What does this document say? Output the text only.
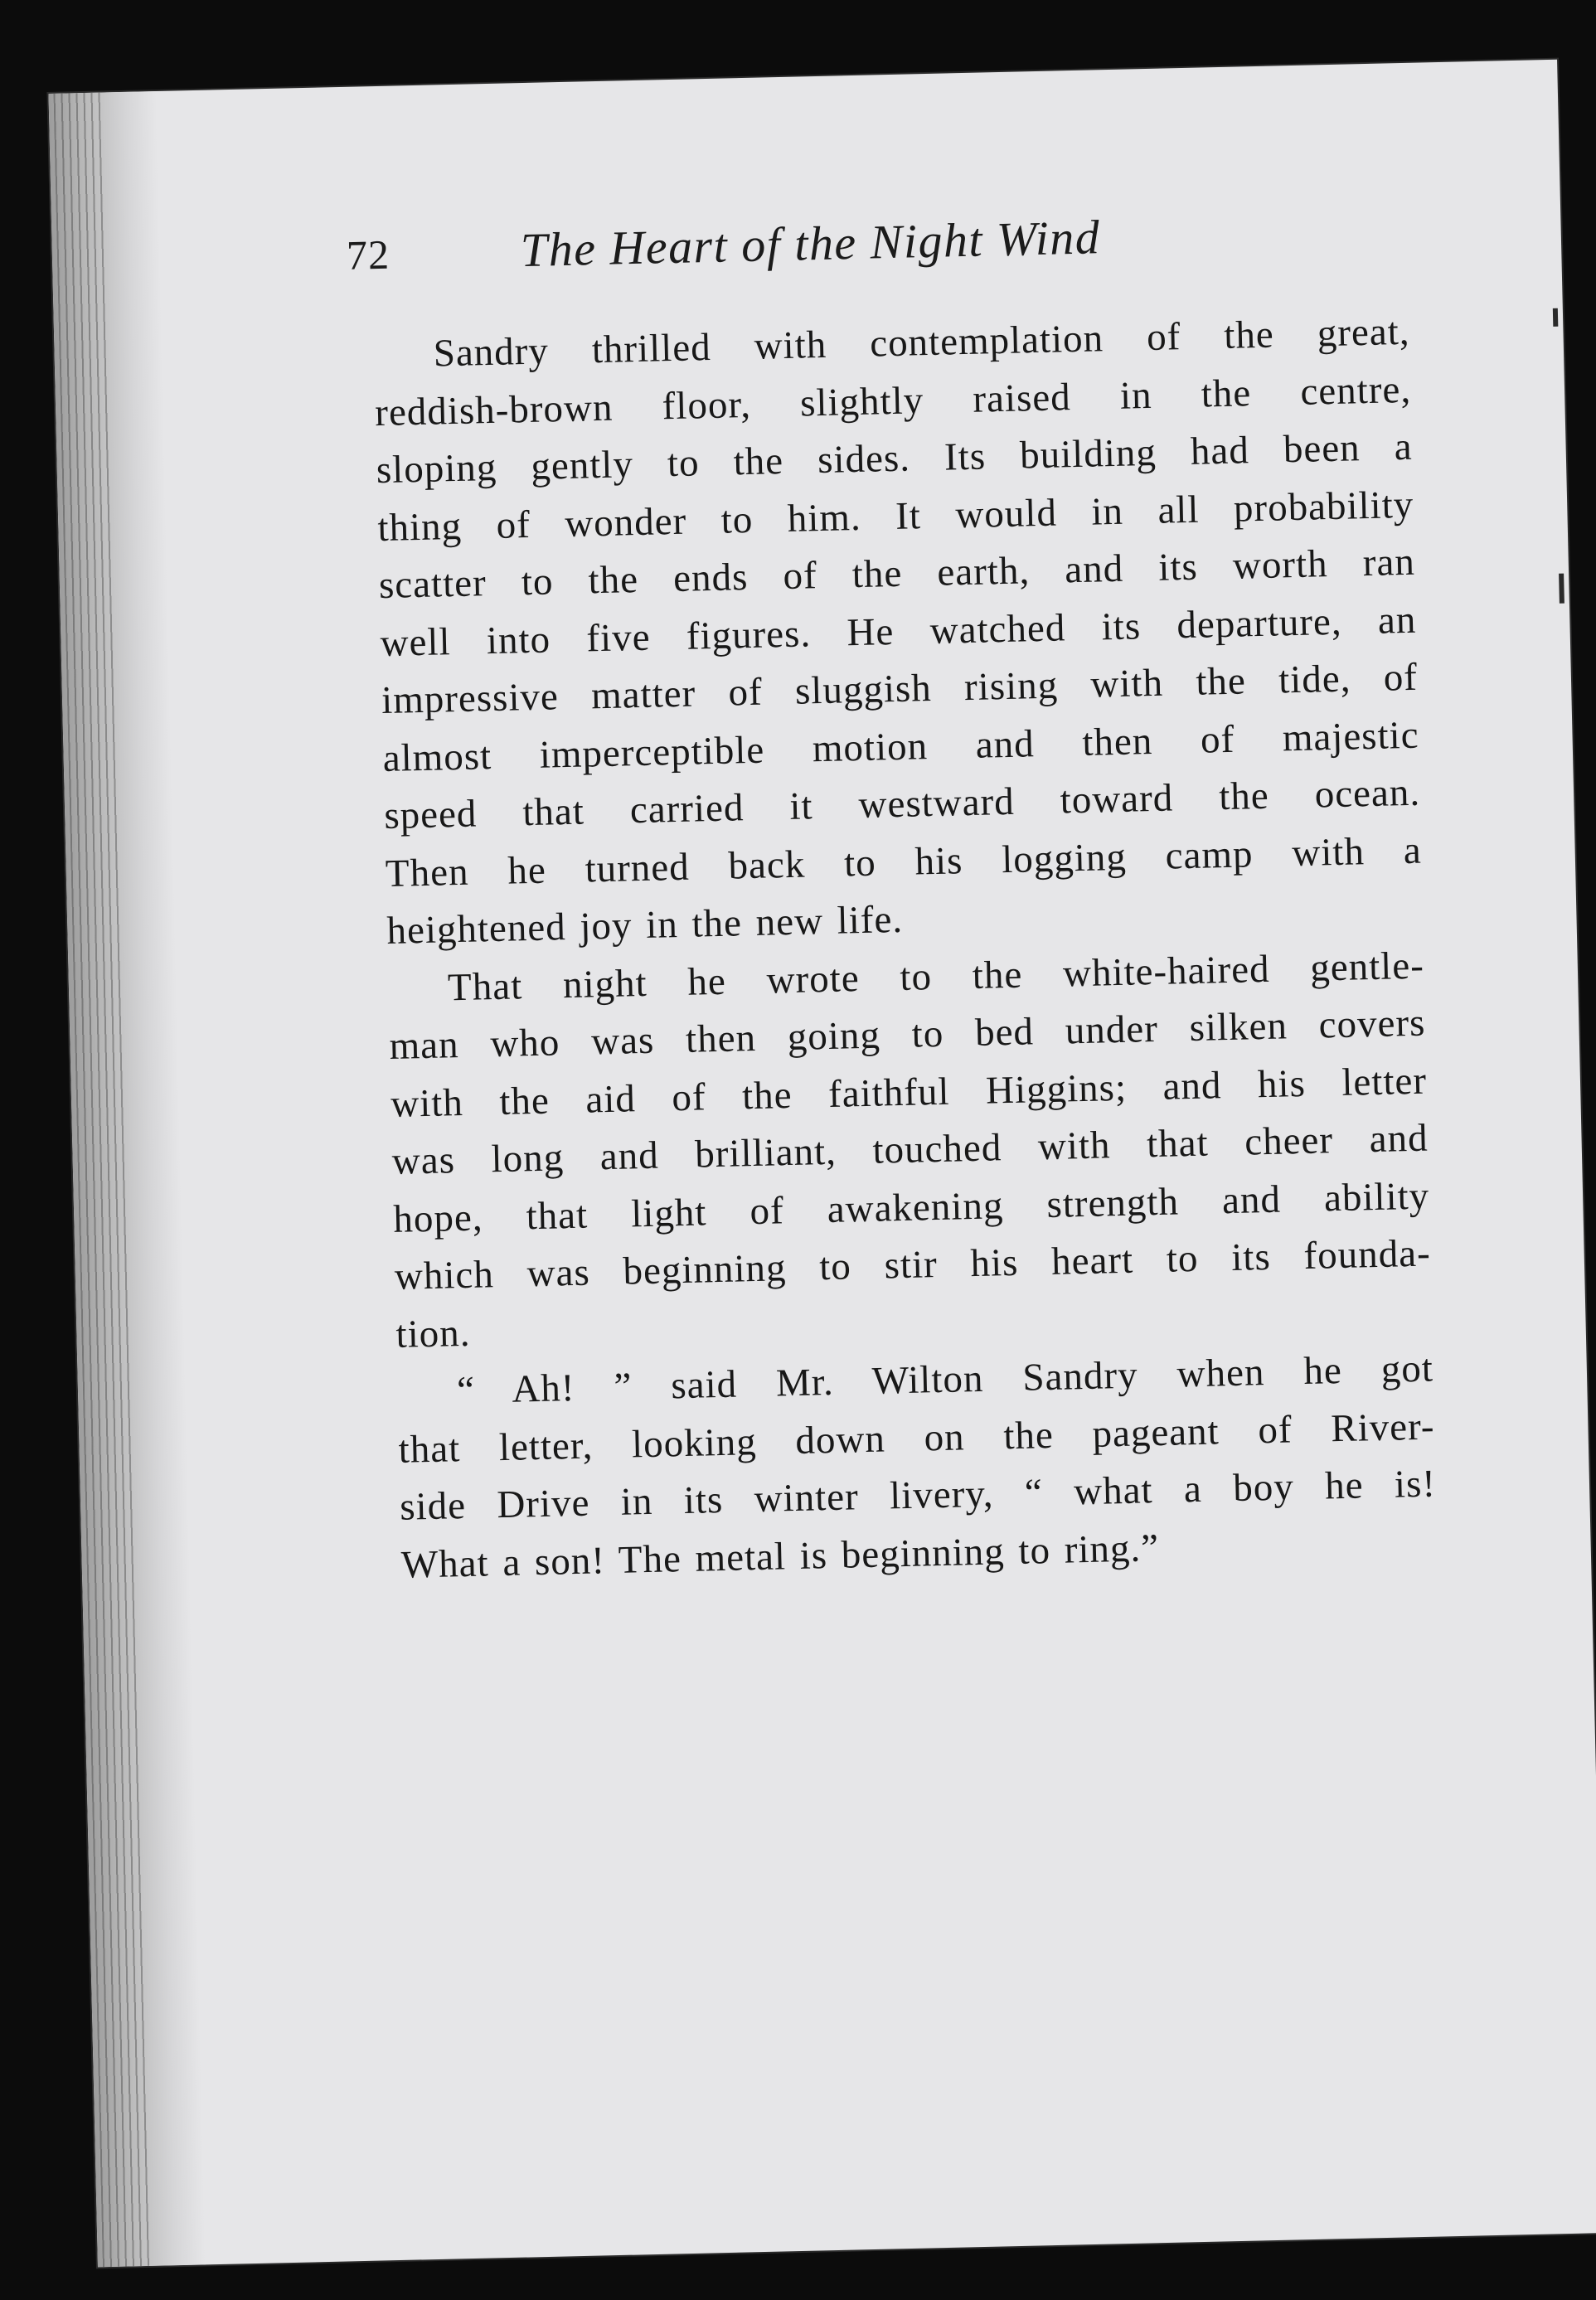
72	The Heart of the Night Wind
Sandry thrilled with contemplation of the great,
reddish-brown floor, slightly raised in the centre,
sloping gently to the sides. Its building had been a
thing of wonder to him. It would in all probability
scatter to the ends of the earth, and its worth ran
well into five figures. He watched its departure, an
impressive matter of sluggish rising with the tide, of
almost imperceptible motion and then of majestic
speed that carried it westward toward the ocean.
Then he turned back to his logging camp with a
heightened joy in the new life.
That night he wrote to the white-haired gentle-
man who was then going to bed under silken covers
with the aid of the faithful Higgins; and his letter
was long and brilliant, touched with that cheer and
hope, that light of awakening strength and ability
which was beginning to stir his heart to its founda-
tion.
“ Ah! ” said Mr. Wilton Sandry when he got
that letter, looking down on the pageant of River-
side Drive in its winter livery, “ what a boy he is!
What a son! The metal is beginning to ring.”
